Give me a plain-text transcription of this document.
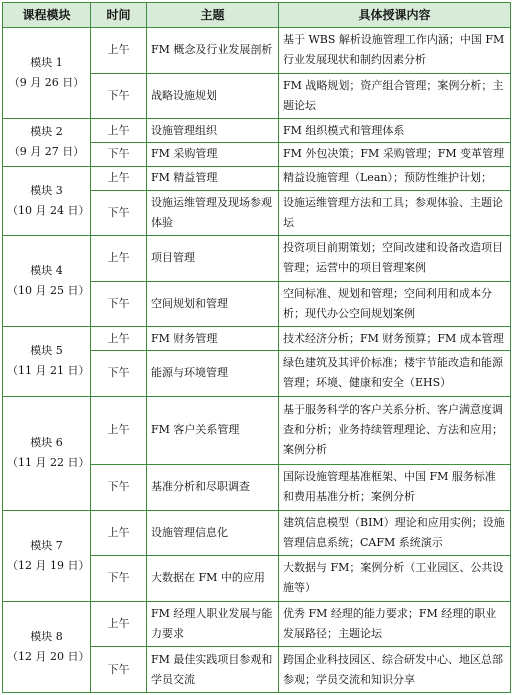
课程模块	时间	主题	具体授课内容

模块 1
（9 月 26 日）	上午	FM 概念及行业发展剖析	基于 WBS 解析设施管理工作内涵；中国 FM 行业发展现状和制约因素分析
	下午	战略设施规划	FM 战略规划；资产组合管理；案例分析；主题论坛

模块 2
（9 月 27 日）	上午	设施管理组织	FM 组织模式和管理体系
	下午	FM 采购管理	FM 外包决策；FM 采购管理；FM 变革管理

模块 3
（10 月 24 日）	上午	FM 精益管理	精益设施管理（Lean）；预防性维护计划；
	下午	设施运维管理及现场参观体验	设施运维管理方法和工具；参观体验、主题论坛

模块 4
（10 月 25 日）	上午	项目管理	投资项目前期策划；空间改建和设备改造项目管理；运营中的项目管理案例
	下午	空间规划和管理	空间标准、规划和管理；空间利用和成本分析；现代办公空间规划案例

模块 5
（11 月 21 日）	上午	FM 财务管理	技术经济分析；FM 财务预算；FM 成本管理
	下午	能源与环境管理	绿色建筑及其评价标准；楼宇节能改造和能源管理；环境、健康和安全（EHS）

模块 6
（11 月 22 日）	上午	FM 客户关系管理	基于服务科学的客户关系分析、客户满意度调查和分析；业务持续管理理论、方法和应用；案例分析
	下午	基准分析和尽职调查	国际设施管理基准框架、中国 FM 服务标准和费用基准分析；案例分析

模块 7
（12 月 19 日）	上午	设施管理信息化	建筑信息模型（BIM）理论和应用实例；设施管理信息系统；CAFM 系统演示
	下午	大数据在 FM 中的应用	大数据与 FM；案例分析（工业园区、公共设施等）

模块 8
（12 月 20 日）	上午	FM 经理人职业发展与能力要求	优秀 FM 经理的能力要求；FM 经理的职业发展路径；主题论坛
	下午	FM 最佳实践项目参观和学员交流	跨国企业科技园区、综合研发中心、地区总部参观；学员交流和知识分享
